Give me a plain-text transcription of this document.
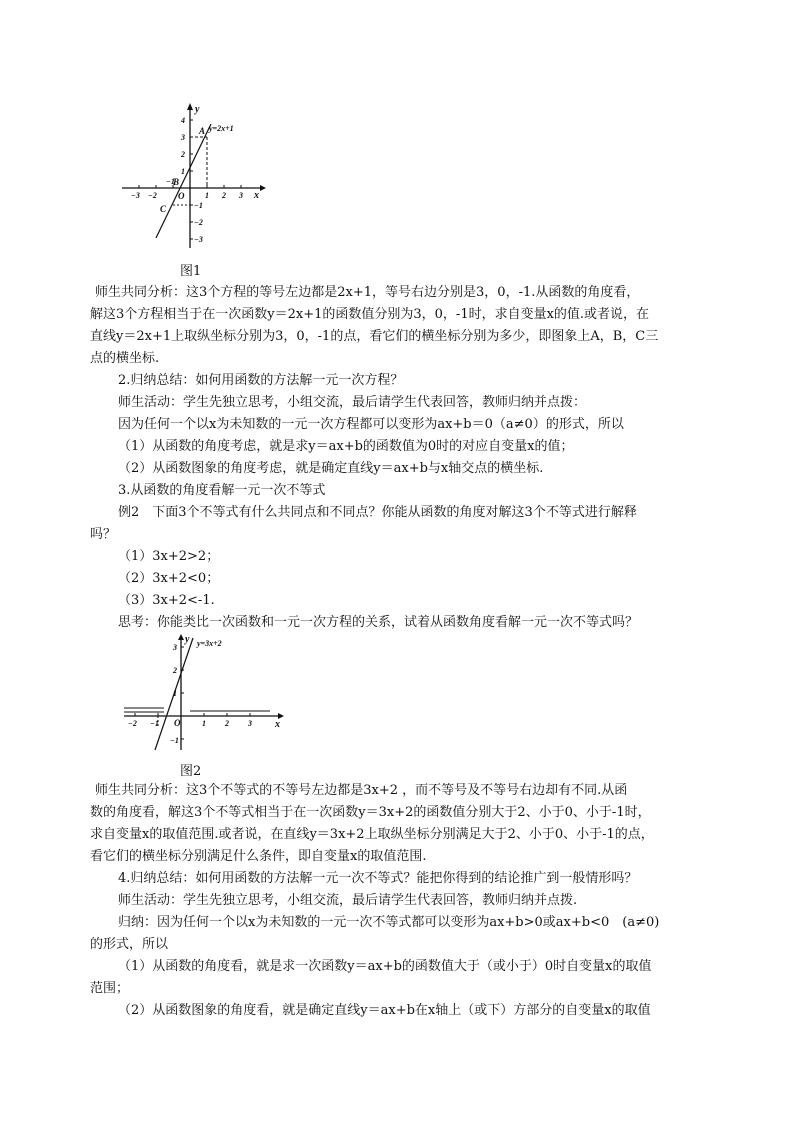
y
x
O
y=2x+1
A
B
C
−3 −2
−1
1 2 3
4
3
2
1
−1
−2
−3
图1
师生共同分析：这3个方程的等号左边都是2x+1，等号右边分别是3，0，-1.从函数的角度看，
解这3个方程相当于在一次函数y＝2x+1的函数值分别为3，0，-1时，求自变量x的值.或者说，在
直线y＝2x+1上取纵坐标分别为3，0，-1的点，看它们的横坐标分别为多少，即图象上A，B，C三
点的横坐标.
2.归纳总结：如何用函数的方法解一元一次方程？
师生活动：学生先独立思考，小组交流，最后请学生代表回答，教师归纳并点拨：
因为任何一个以x为未知数的一元一次方程都可以变形为ax+b＝0（a≠0）的形式，所以
（1）从函数的角度考虑，就是求y＝ax+b的函数值为0时的对应自变量x的值；
（2）从函数图象的角度考虑，就是确定直线y＝ax+b与x轴交点的横坐标.
3.从函数的角度看解一元一次不等式
例2　下面3个不等式有什么共同点和不同点？你能从函数的角度对解这3个不等式进行解释
吗？
（1）3x+2>2；
（2）3x+2<0；
（3）3x+2<-1.
思考：你能类比一次函数和一元一次方程的关系，试着从函数角度看解一元一次不等式吗？
y
x
O
y=3x+2
−2 −1	1 2 3
3
2
1
−1
图2
师生共同分析：这3个不等式的不等号左边都是3x+2 ，而不等号及不等号右边却有不同.从函
数的角度看，解这3个不等式相当于在一次函数y＝3x+2的函数值分别大于2、小于0、小于-1时，
求自变量x的取值范围.或者说，在直线y＝3x+2上取纵坐标分别满足大于2、小于0、小于-1的点，
看它们的横坐标分别满足什么条件，即自变量x的取值范围.
4.归纳总结：如何用函数的方法解一元一次不等式？能把你得到的结论推广到一般情形吗？
师生活动：学生先独立思考，小组交流，最后请学生代表回答，教师归纳并点拨.
归纳：因为任何一个以x为未知数的一元一次不等式都可以变形为ax+b>0或ax+b<0　(a≠0)
的形式，所以
（1）从函数的角度看，就是求一次函数y＝ax+b的函数值大于（或小于）0时自变量x的取值
范围；
（2）从函数图象的角度看，就是确定直线y＝ax+b在x轴上（或下）方部分的自变量x的取值
